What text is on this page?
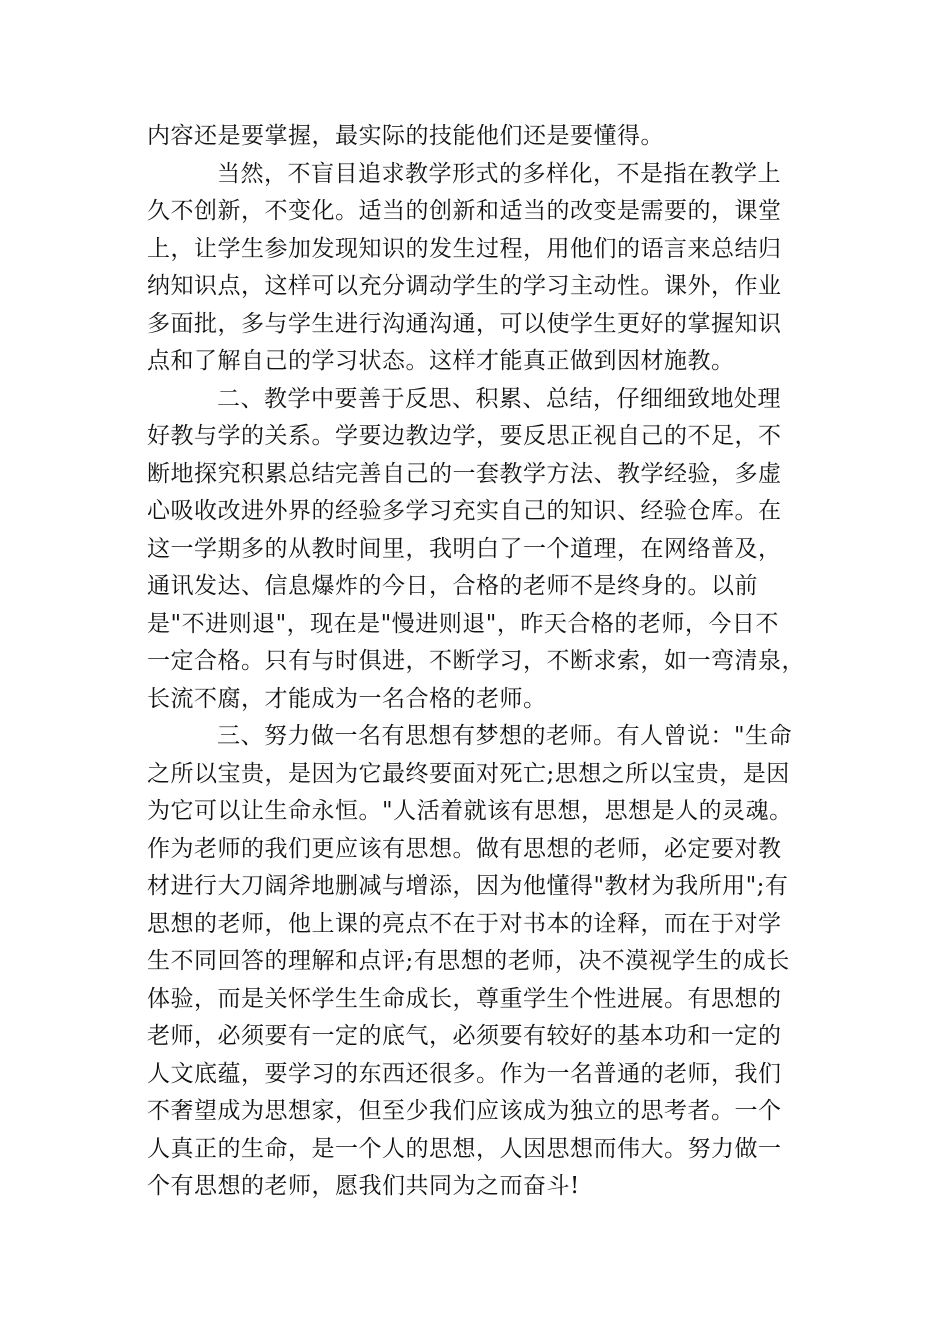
内容还是要掌握，最实际的技能他们还是要懂得。
当然，不盲目追求教学形式的多样化，不是指在教学上
久不创新，不变化。适当的创新和适当的改变是需要的，课堂
上，让学生参加发现知识的发生过程，用他们的语言来总结归
纳知识点，这样可以充分调动学生的学习主动性。课外，作业
多面批，多与学生进行沟通沟通，可以使学生更好的掌握知识
点和了解自己的学习状态。这样才能真正做到因材施教。
二、教学中要善于反思、积累、总结，仔细细致地处理
好教与学的关系。学要边教边学，要反思正视自己的不足，不
断地探究积累总结完善自己的一套教学方法、教学经验，多虚
心吸收改进外界的经验多学习充实自己的知识、经验仓库。在
这一学期多的从教时间里，我明白了一个道理，在网络普及，
通讯发达、信息爆炸的今日，合格的老师不是终身的。以前
是"不进则退"，现在是"慢进则退"，昨天合格的老师，今日不
一定合格。只有与时俱进，不断学习，不断求索，如一弯清泉，
长流不腐，才能成为一名合格的老师。
三、努力做一名有思想有梦想的老师。有人曾说："生命
之所以宝贵，是因为它最终要面对死亡;思想之所以宝贵，是因
为它可以让生命永恒。"人活着就该有思想，思想是人的灵魂。
作为老师的我们更应该有思想。做有思想的老师，必定要对教
材进行大刀阔斧地删减与增添，因为他懂得"教材为我所用";有
思想的老师，他上课的亮点不在于对书本的诠释，而在于对学
生不同回答的理解和点评;有思想的老师，决不漠视学生的成长
体验，而是关怀学生生命成长，尊重学生个性进展。有思想的
老师，必须要有一定的底气，必须要有较好的基本功和一定的
人文底蕴，要学习的东西还很多。作为一名普通的老师，我们
不奢望成为思想家，但至少我们应该成为独立的思考者。一个
人真正的生命，是一个人的思想，人因思想而伟大。努力做一
个有思想的老师，愿我们共同为之而奋斗!
